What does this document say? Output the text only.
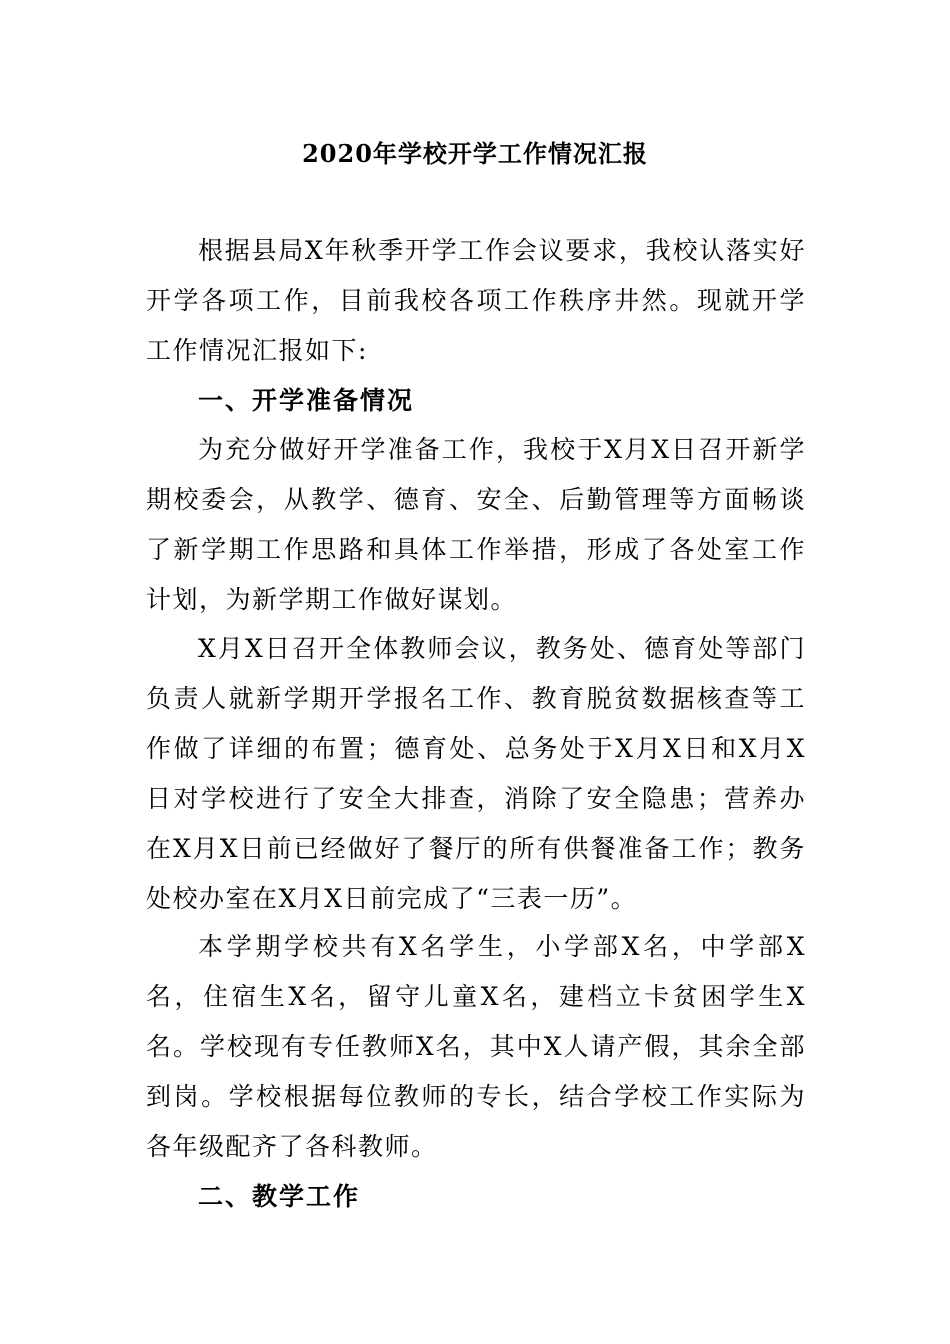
2020年学校开学工作情况汇报

根据县局X年秋季开学工作会议要求，我校认落实好开学各项工作，目前我校各项工作秩序井然。现就开学工作情况汇报如下:

一、开学准备情况

为充分做好开学准备工作，我校于X月X日召开新学期校委会，从教学、德育、安全、后勤管理等方面畅谈了新学期工作思路和具体工作举措，形成了各处室工作计划，为新学期工作做好谋划。

X月X日召开全体教师会议，教务处、德育处等部门负责人就新学期开学报名工作、教育脱贫数据核查等工作做了详细的布置；德育处、总务处于X月X日和X月X日对学校进行了安全大排查，消除了安全隐患；营养办在X月X日前已经做好了餐厅的所有供餐准备工作；教务处校办室在X月X日前完成了“三表一历”。

本学期学校共有X名学生，小学部X名，中学部X名，住宿生X名，留守儿童X名，建档立卡贫困学生X名。学校现有专任教师X名，其中X人请产假，其余全部到岗。学校根据每位教师的专长，结合学校工作实际为各年级配齐了各科教师。

二、教学工作
